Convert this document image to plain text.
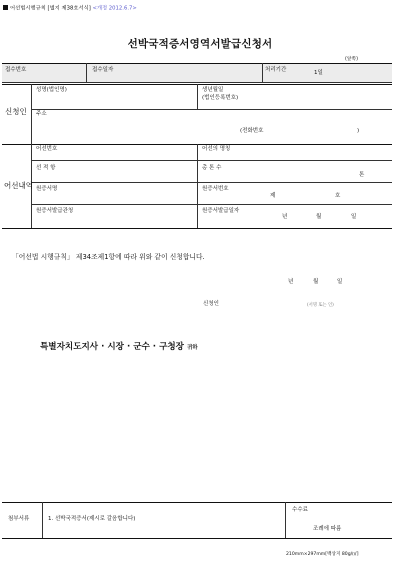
어선법시행규칙 [별지 제38호서식] <개정 2012.6.7>
선박국적증서영역서발급신청서
(앞쪽)
접수번호	접수일자	처리기간	1일
신청인
성명(법인명)	생년월일
(법인등록번호)
주소
(전화번호	)
어선내역
어선번호	어선의 명칭
선 적 항	총 톤 수
톤
원증서명	원증서번호
제	호
원증서발급관청	원증서발급일자
년	월	일
「어선법 시행규칙」 제34조제1항에 따라 위와 같이 신청합니다.
년	월	일
신청인	(서명 또는 인)
특별자치도지사 · 시장 · 군수 · 구청장 귀하
첨부서류	1. 선박국적증서(제시로 갈음합니다)
수수료
조례에 따름
210mm×297mm[백상지 80g/㎡]
